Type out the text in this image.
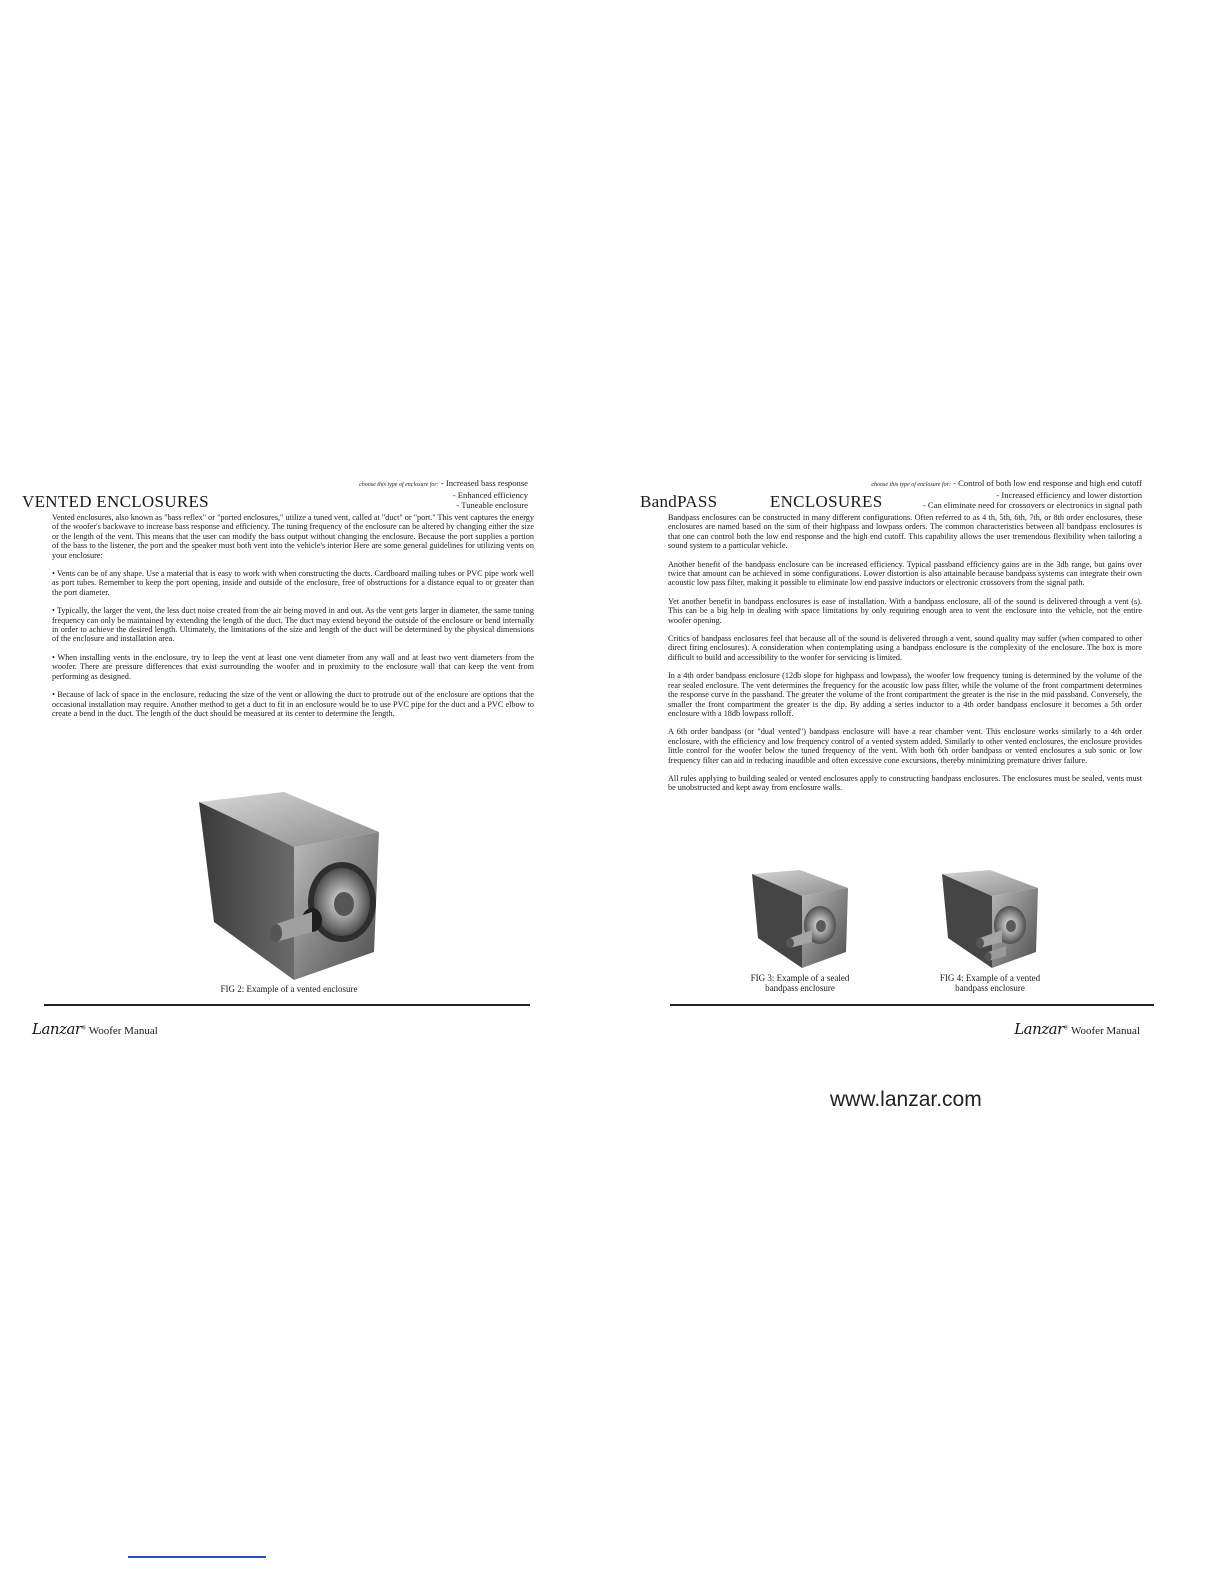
choose this type of enclosure for: - Increased bass response
- Enhanced efficiency
- Tuneable enclosure
VENTED ENCLOSURES

Vented enclosures, also known as "bass reflex" or "ported enclosures," utilize a tuned vent, called at "duct" or "port." This vent captures the energy of the woofer's backwave to increase bass response and efficiency. The tuning frequency of the enclosure can be altered by changing either the size or the length of the vent. This means that the user can modify the bass output without changing the enclosure. Because the port supplies a portion of the bass to the listener, the port and the speaker must both vent into the vehicle's interior Here are some general guidelines for utilizing vents on your enclosure:

• Vents can be of any shape. Use a material that is easy to work with when constructing the ducts. Cardboard mailing tubes or PVC pipe work well as port tubes. Remember to keep the port opening, inside and outside of the enclosure, free of obstructions for a distance equal to or greater than the port diameter.

• Typically, the larger the vent, the less duct noise created from the air being moved in and out. As the vent gets larger in diameter, the same tuning frequency can only be maintained by extending the length of the duct. The duct may extend beyond the outside of the enclosure or bend internally in order to achieve the desired length. Ultimately, the limitations of the size and length of the duct will be determined by the physical dimensions of the enclosure and installation area.

• When installing vents in the enclosure, try to leep the vent at least one vent diameter from any wall and at least two vent diameters from the woofer. There are pressure differences that exist surrounding the woofer and in proximity to the enclosure wall that can keep the vent from performing as designed.

• Because of lack of space in the enclosure, reducing the size of the vent or allowing the duct to protrude out of the enclosure are options that the occasional installation may require. Another method to get a duct to fit in an enclosure would be to use PVC pipe for the duct and a PVC elbow to create a bend in the duct. The length of the duct should be measured at its center to determine the length.

FIG 2: Example of a vented enclosure
Lanzar® Woofer Manual
choose this type of enclosure for: - Control of both low end response and high end cutoff
- Increased efficiency and lower distortion
- Can eliminate need for crossovers or electronics in signal path
BandPASS ENCLOSURES

Bandpass enclosures can be constructed in many different configurations. Often referred to as 4 th, 5th, 6th, 7th, or 8th order enclosures, these enclosures are named based on the sum of their highpass and lowpass orders. The common characteristics between all bandpass enclosures is that one can control both the low end response and the high end cutoff. This capability allows the user tremendous flexibility when tailoring a sound system to a particular vehicle.

Another benefit of the bandpass enclosure can be increased efficiency. Typical passband efficiency gains are in the 3db range, but gains over twice that amount can be achieved in some configurations. Lower distortion is also attainable because bandpass systems can integrate their own acoustic low pass filter, making it possible to eliminate low end passive inductors or electronic crossovers from the signal path.

Yet another benefit in bandpass enclosures is ease of installation. With a bandpass enclosure, all of the sound is delivered through a vent (s). This can be a big help in dealing with space limitations by only requiring enough area to vent the enclosure into the vehicle, not the entire woofer opening.

Critics of bandpass enclosures feel that because all of the sound is delivered through a vent, sound quality may suffer (when compared to other direct firing enclosures). A consideration when contemplating using a bandpass enclosure is the complexity of the enclosure. The box is more difficult to build and accessibility to the woofer for servicing is limited.

In a 4th order bandpass enclosure (12db slope for highpass and lowpass), the woofer low frequency tuning is determined by the volume of the rear sealed enclosure. The vent determines the frequency for the acoustic low pass filter, while the volume of the front compartment determines the response curve in the passband. The greater the volume of the front compartment the greater is the rise in the mid passband. Conversely, the smaller the front compartment the greater is the dip. By adding a series inductor to a 4th order bandpass enclosure it becomes a 5th order enclosure with a 18db lowpass rolloff.

A 6th order bandpass (or "dual vented") bandpass enclosure will have a rear chamber vent. This enclosure works similarly to a 4th order enclosure, with the efficiency and low frequency control of a vented system added. Similarly to other vented enclosures, the enclosure provides little control for the woofer below the tuned frequency of the vent. With both 6th order bandpass or vented enclosures a sub sonic or low frequency filter can aid in reducing inaudible and often excessive cone excursions, thereby minimizing premature driver failure.

All rules applying to building sealed or vented enclosures apply to constructing bandpass enclosures. The enclosures must be sealed, vents must be unobstructed and kept away from enclosure walls.

FIG 3: Example of a sealed bandpass enclosure
FIG 4: Example of a vented bandpass enclosure
Lanzar® Woofer Manual
www.lanzar.com
